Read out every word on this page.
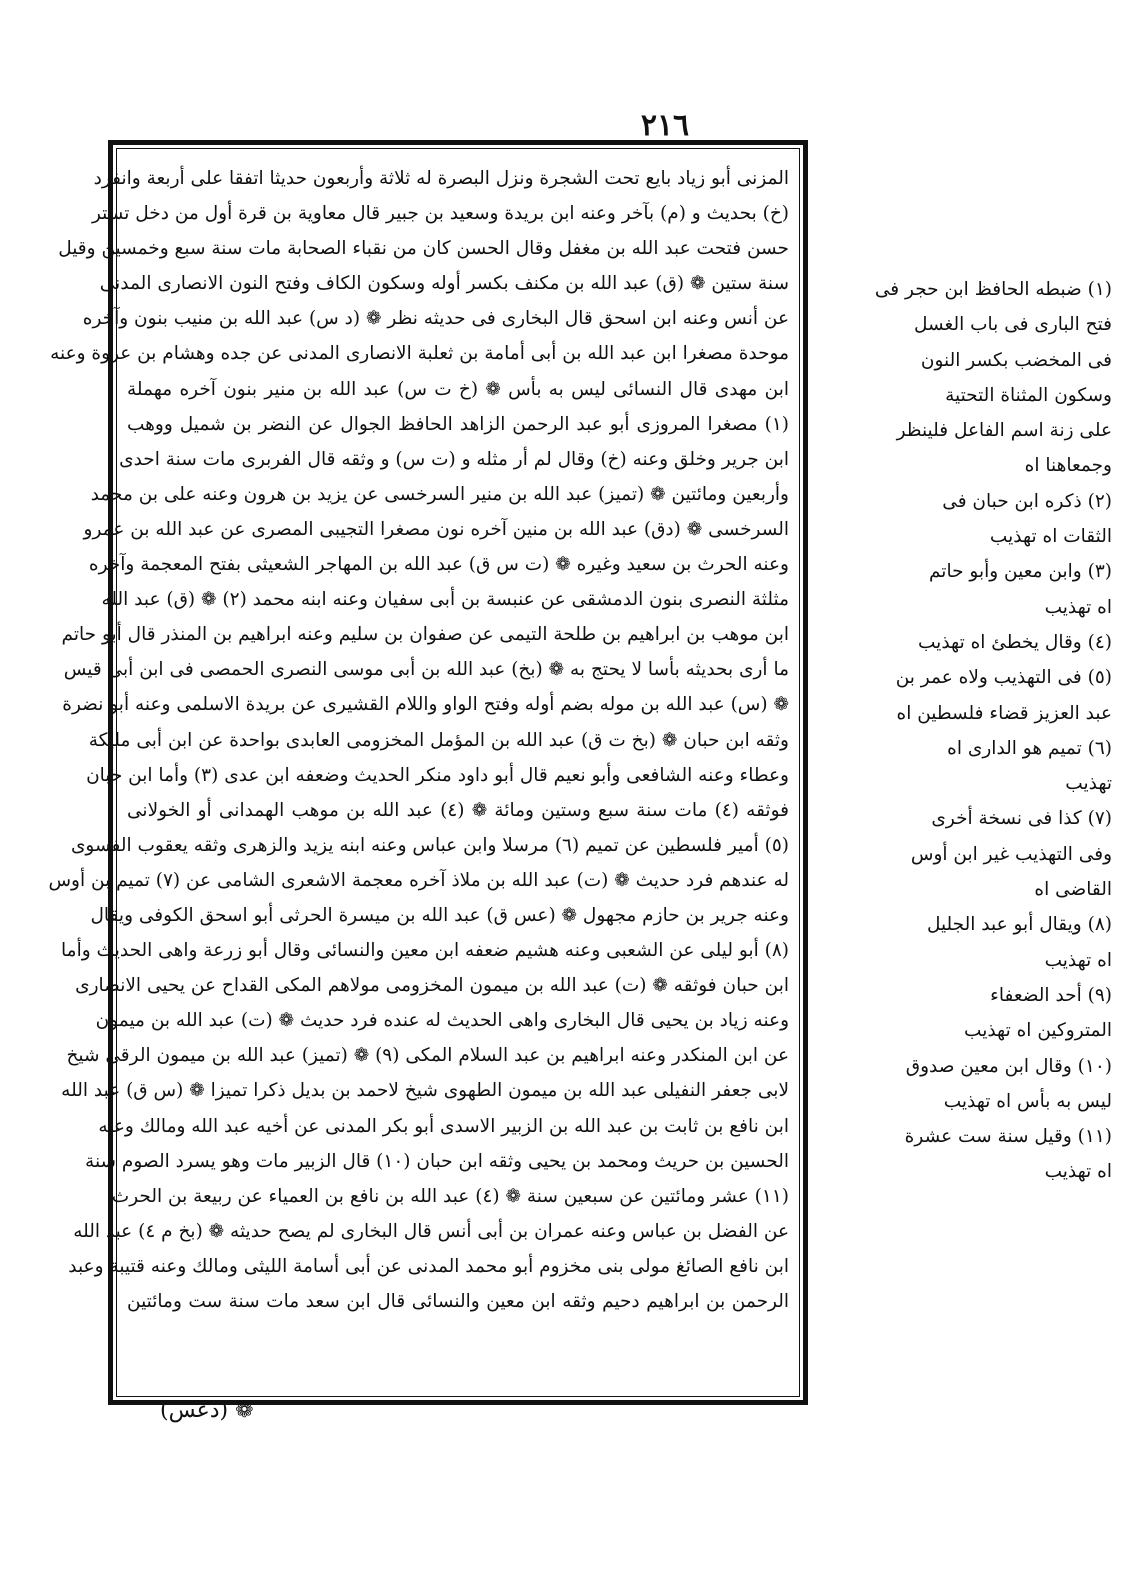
٢١٦
المزنى أبو زياد بايع تحت الشجرة ونزل البصرة له ثلاثة وأربعون حديثا اتفقا على أربعة وانفرد
(خ) بحديث و (م) بآخر وعنه ابن بريدة وسعيد بن جبير قال معاوية بن قرة أول من دخل تستر
حسن فتحت عبد الله بن مغفل وقال الحسن كان من نقباء الصحابة مات سنة سبع وخمسين وقيل
سنة ستين ❁ (ق) عبد الله بن مكنف بكسر أوله وسكون الكاف وفتح النون الانصارى المدنى
عن أنس وعنه ابن اسحق قال البخارى فى حديثه نظر ❁ (د س) عبد الله بن منيب بنون وآخره
موحدة مصغرا ابن عبد الله بن أبى أمامة بن ثعلبة الانصارى المدنى عن جده وهشام بن عروة وعنه
ابن مهدى قال النسائى ليس به بأس ❁ (خ ت س) عبد الله بن منير بنون آخره مهملة
(١) مصغرا المروزى أبو عبد الرحمن الزاهد الحافظ الجوال عن النضر بن شميل ووهب
ابن جرير وخلق وعنه (خ) وقال لم أر مثله و (ت س) و وثقه قال الفربرى مات سنة احدى
وأربعين ومائتين ❁ (تميز) عبد الله بن منير السرخسى عن يزيد بن هرون وعنه على بن محمد
السرخسى ❁ (دق) عبد الله بن منين آخره نون مصغرا التجيبى المصرى عن عبد الله بن عمرو
وعنه الحرث بن سعيد وغيره ❁ (ت س ق) عبد الله بن المهاجر الشعيثى بفتح المعجمة وآخره
مثلثة النصرى بنون الدمشقى عن عنبسة بن أبى سفيان وعنه ابنه محمد (٢) ❁ (ق) عبد الله
ابن موهب بن ابراهيم بن طلحة التيمى عن صفوان بن سليم وعنه ابراهيم بن المنذر قال أبو حاتم
ما أرى بحديثه بأسا لا يحتج به ❁ (بخ) عبد الله بن أبى موسى النصرى الحمصى فى ابن أبى قيس
❁ (س) عبد الله بن موله بضم أوله وفتح الواو واللام القشيرى عن بريدة الاسلمى وعنه أبو نضرة
وثقه ابن حبان ❁ (بخ ت ق) عبد الله بن المؤمل المخزومى العابدى بواحدة عن ابن أبى مليكة
وعطاء وعنه الشافعى وأبو نعيم قال أبو داود منكر الحديث وضعفه ابن عدى (٣) وأما ابن حبان
فوثقه (٤) مات سنة سبع وستين ومائة ❁ (٤) عبد الله بن موهب الهمدانى أو الخولانى
(٥) أمير فلسطين عن تميم (٦) مرسلا وابن عباس وعنه ابنه يزيد والزهرى وثقه يعقوب الفسوى
له عندهم فرد حديث ❁ (ت) عبد الله بن ملاذ آخره معجمة الاشعرى الشامى عن (٧) تميم بن أوس
وعنه جرير بن حازم مجهول ❁ (عس ق) عبد الله بن ميسرة الحرثى أبو اسحق الكوفى ويقال
(٨) أبو ليلى عن الشعبى وعنه هشيم ضعفه ابن معين والنسائى وقال أبو زرعة واهى الحديث وأما
ابن حبان فوثقه ❁ (ت) عبد الله بن ميمون المخزومى مولاهم المكى القداح عن يحيى الانصارى
وعنه زياد بن يحيى قال البخارى واهى الحديث له عنده فرد حديث ❁ (ت) عبد الله بن ميمون
عن ابن المنكدر وعنه ابراهيم بن عبد السلام المكى (٩) ❁ (تميز) عبد الله بن ميمون الرقى شيخ
لابى جعفر النفيلى عبد الله بن ميمون الطهوى شيخ لاحمد بن بديل ذكرا تميزا ❁ (س ق) عبد الله
ابن نافع بن ثابت بن عبد الله بن الزبير الاسدى أبو بكر المدنى عن أخيه عبد الله ومالك وعنه
الحسين بن حريث ومحمد بن يحيى وثقه ابن حبان (١٠) قال الزبير مات وهو يسرد الصوم سنة
(١١) عشر ومائتين عن سبعين سنة ❁ (٤) عبد الله بن نافع بن العمياء عن ربيعة بن الحرث
عن الفضل بن عباس وعنه عمران بن أبى أنس قال البخارى لم يصح حديثه ❁ (بخ م ٤) عبد الله
ابن نافع الصائغ مولى بنى مخزوم أبو محمد المدنى عن أبى أسامة الليثى ومالك وعنه قتيبة وعبد
الرحمن بن ابراهيم دحيم وثقه ابن معين والنسائى قال ابن سعد مات سنة ست ومائتين
(١) ضبطه الحافظ ابن حجر فى
فتح البارى فى باب الغسل
فى المخضب بكسر النون
وسكون المثناة التحتية
على زنة اسم الفاعل فلينظر
وجمعاهنا اه
(٢) ذكره ابن حبان فى
الثقات اه تهذيب
(٣) وابن معين وأبو حاتم
اه تهذيب
(٤) وقال يخطئ اه تهذيب
(٥) فى التهذيب ولاه عمر بن
عبد العزيز قضاء فلسطين اه
(٦) تميم هو الدارى اه
تهذيب
(٧) كذا فى نسخة أخرى
وفى التهذيب غير ابن أوس
القاضى اه
(٨) ويقال أبو عبد الجليل
اه تهذيب
(٩) أحد الضعفاء
المتروكين اه تهذيب
(١٠) وقال ابن معين صدوق
ليس به بأس اه تهذيب
(١١) وقيل سنة ست عشرة
اه تهذيب
❁ (دعس)
